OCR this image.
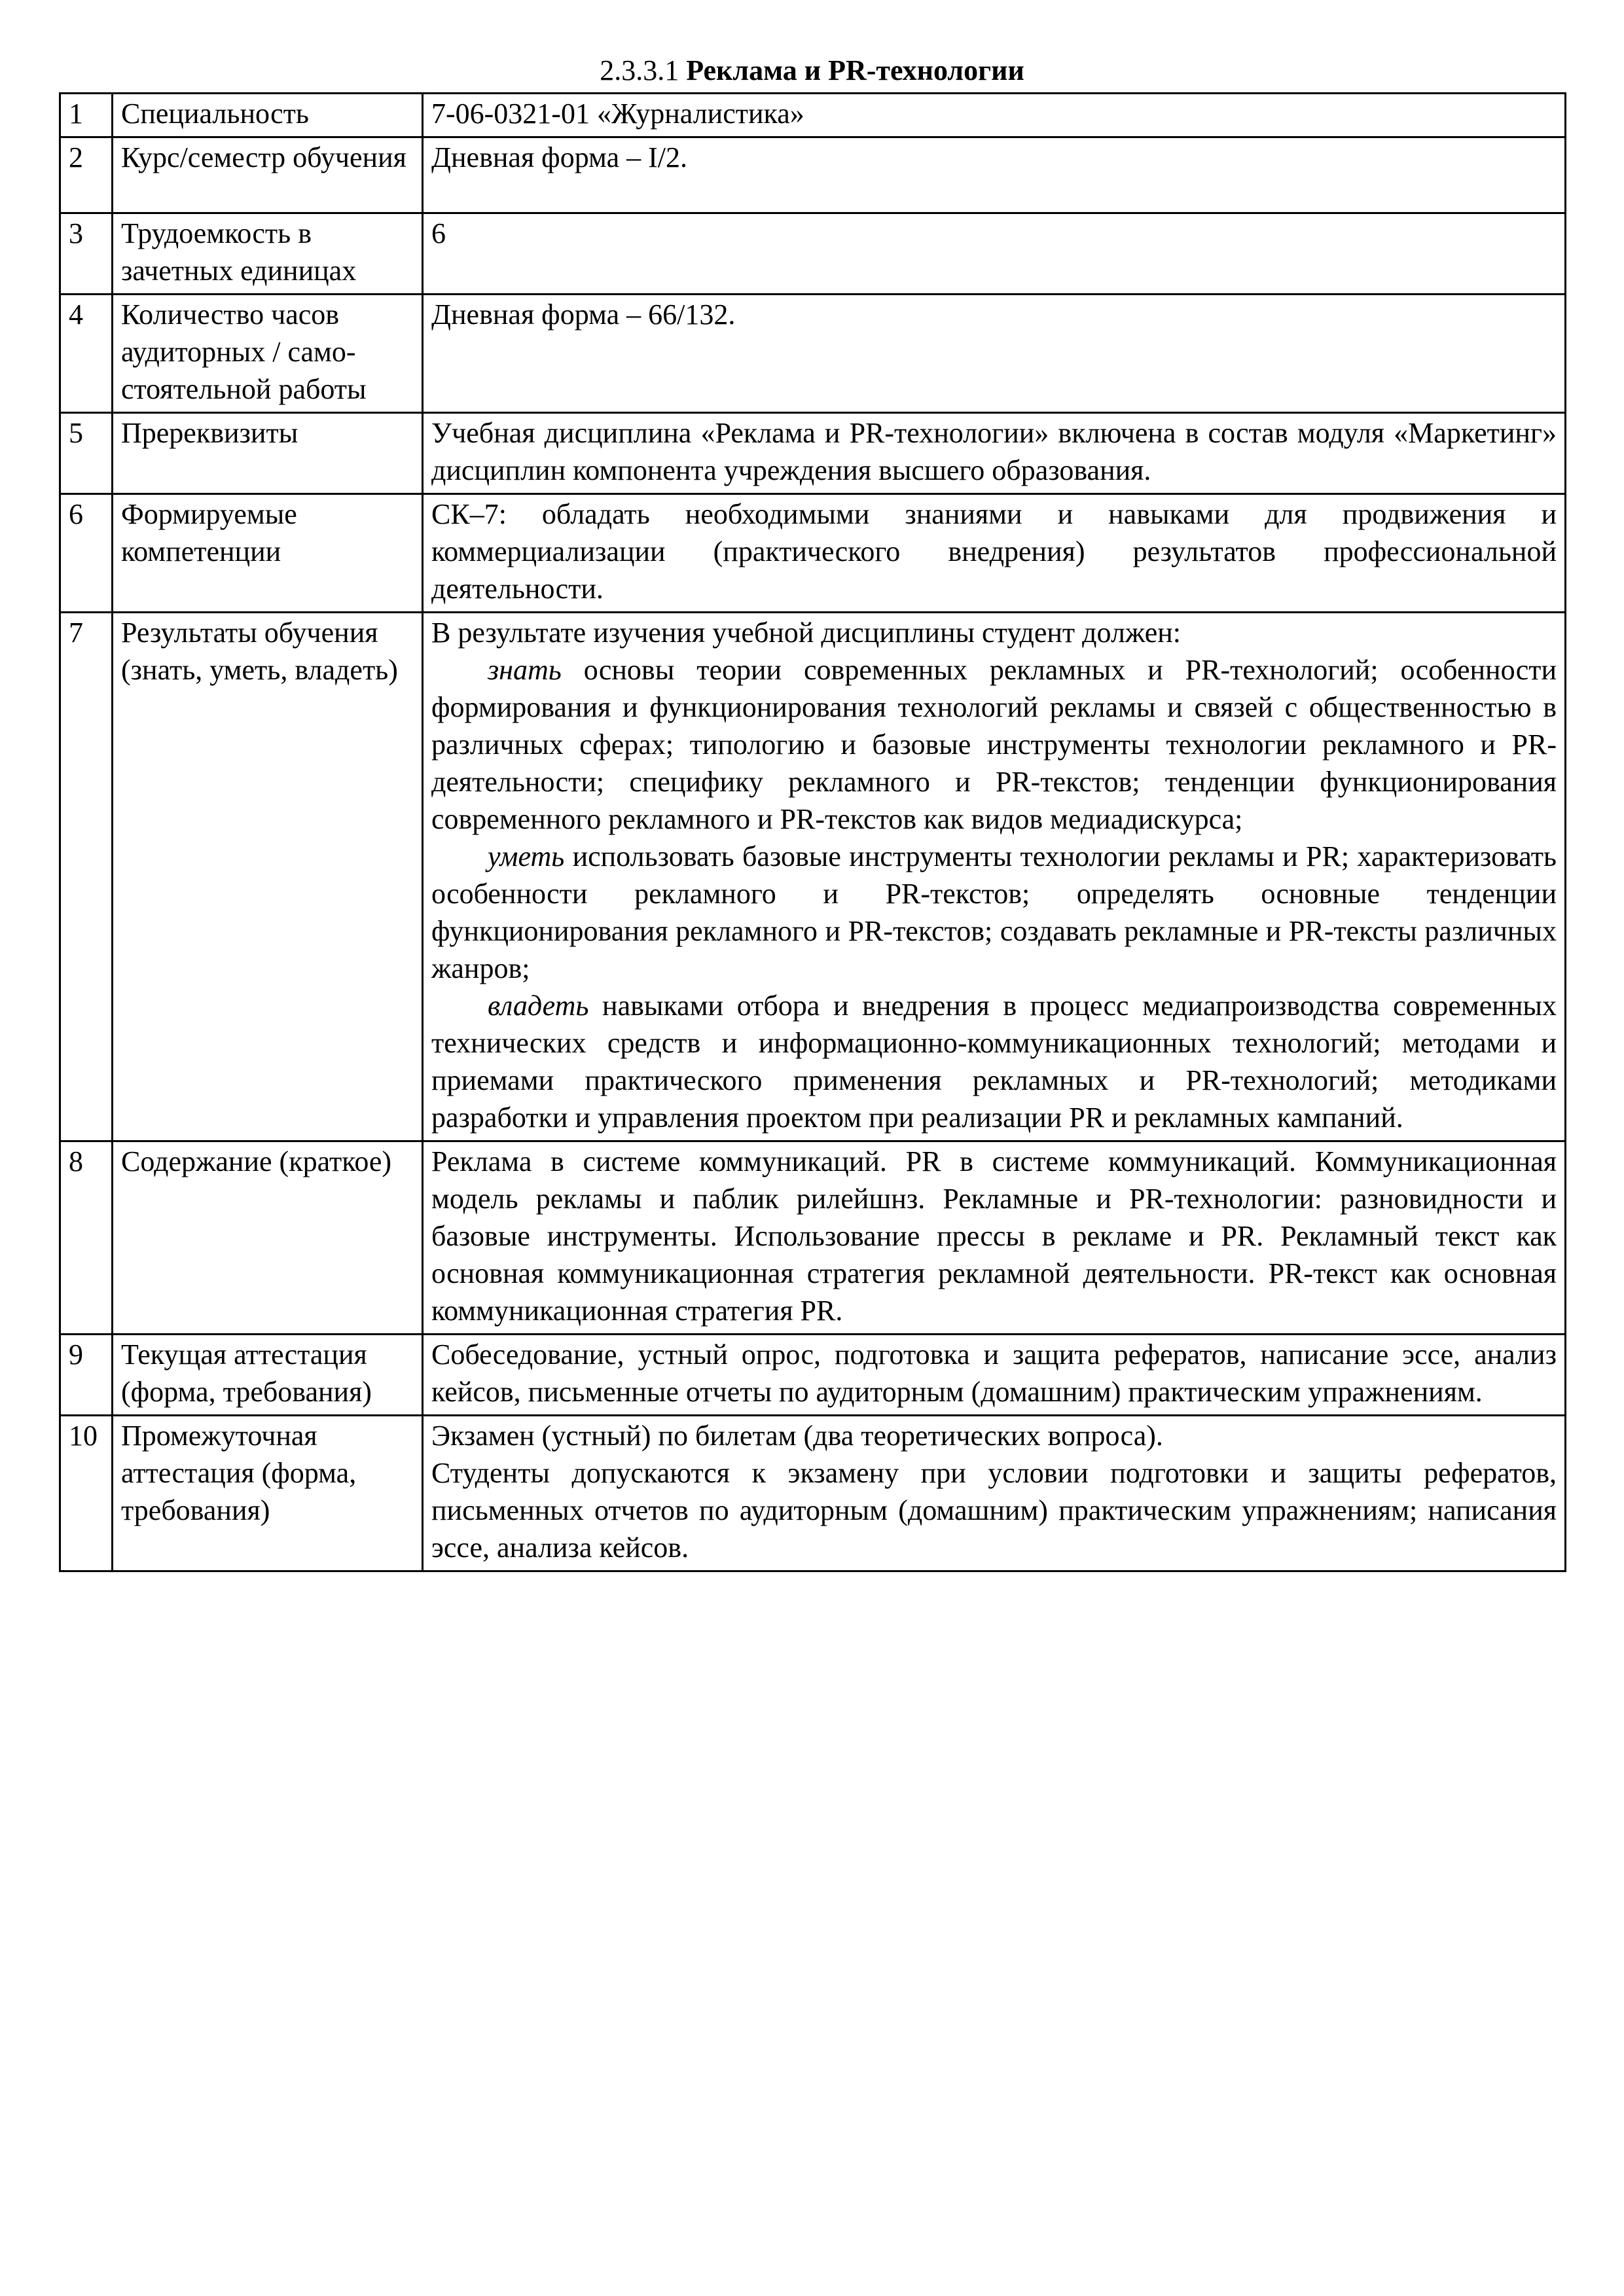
2.3.3.1 Реклама и PR-технологии
1	Специальность	7-06-0321-01 «Журналистика»
2	Курс/семестр обучения	Дневная форма – I/2.
3	Трудоемкость в зачетных единицах	6
4	Количество часов аудиторных / само-стоятельной работы	Дневная форма – 66/132.
5	Пререквизиты	Учебная дисциплина «Реклама и PR-технологии» включена в состав модуля «Маркетинг» дисциплин компонента учреждения высшего образования.

6	Формируемые компетенции	СК–7: обладать необходимыми знаниями и навыками для продвижения и коммерциализации (практического внедрения) результатов профессиональной деятельности.

7	Результаты обучения (знать, уметь, владеть)	В результате изучения учебной дисциплины студент должен:

знать основы теории современных рекламных и PR-технологий; особенности формирования и функционирования технологий рекламы и связей с общественностью в различных сферах; типологию и базовые инструменты технологии рекламного и PR-деятельности; специфику рекламного и PR-текстов; тенденции функционирования современного рекламного и PR-текстов как видов медиадискурса;

уметь использовать базовые инструменты технологии рекламы и PR; характеризовать особенности рекламного и PR-текстов; определять основные тенденции функционирования рекламного и PR-текстов; создавать рекламные и PR-тексты различных жанров;

владеть навыками отбора и внедрения в процесс медиапроизводства современных технических средств и информационно-коммуникационных технологий; методами и приемами практического применения рекламных и PR-технологий; методиками разработки и управления проектом при реализации PR и рекламных кампаний.

8	Содержание (краткое)	Реклама в системе коммуникаций. PR в системе коммуникаций. Коммуникационная модель рекламы и паблик рилейшнз. Рекламные и PR-технологии: разновидности и базовые инструменты. Использование прессы в рекламе и PR. Рекламный текст как основная коммуникационная стратегия рекламной деятельности. PR-текст как основная коммуникационная стратегия PR.

9	Текущая аттестация (форма, требования)	Собеседование, устный опрос, подготовка и защита рефератов, написание эссе, анализ кейсов, письменные отчеты по аудиторным (домашним) практическим упражнениям.

10	Промежуточная аттестация (форма, требования)	Экзамен (устный) по билетам (два теоретических вопроса).

Студенты допускаются к экзамену при условии подготовки и защиты рефератов, письменных отчетов по аудиторным (домашним) практическим упражнениям; написания эссе, анализа кейсов.
